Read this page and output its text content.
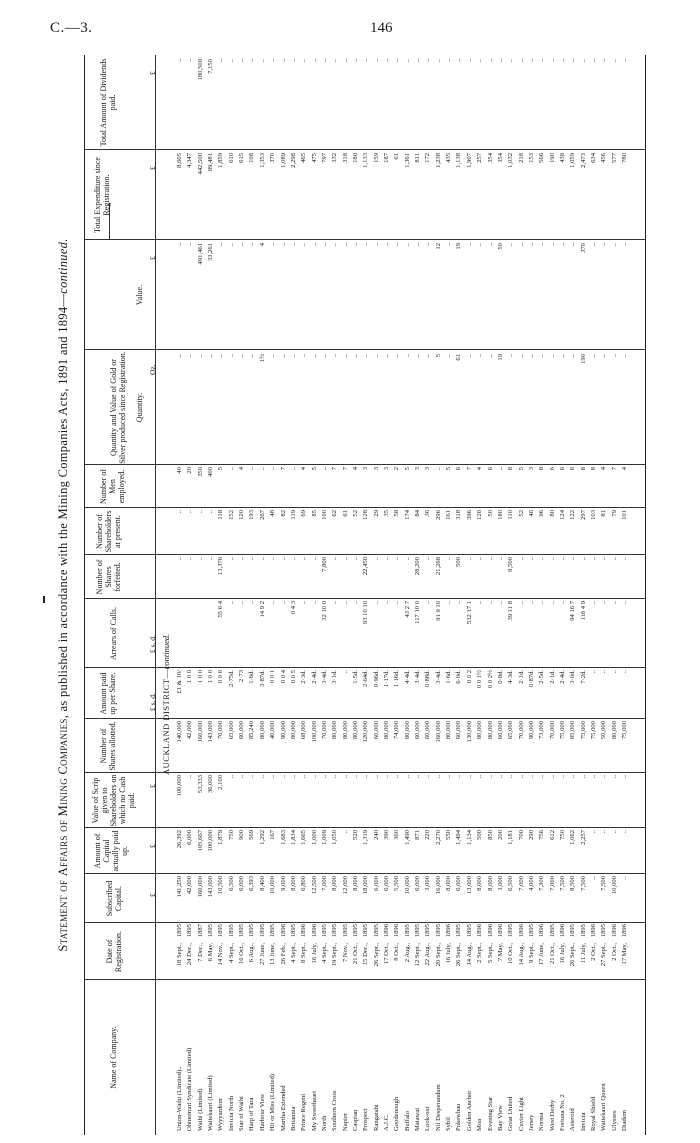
C.—3.	146
Statement of Affairs of Mining Companies, as published in accordance with the Mining Companies Acts, 1891 and 1894—continued.
Name of Company.
Date of Registration.
Subscribed Capital.
Amount of Capital actually paid up.
Value of Scrip given to Shareholders on which no Cash paid.
Number of Shares allotted.
Amount paid up per Share.
Arrears of Calls.
Number of Shares forfeited.
Number of Shareholders at present.
Number of Men employed.
Quantity and Value of Gold or Silver produced since Registration.
Total Expenditure since Registration.
Total Amount of Dividends paid.
Quantity.
Value.
£
£
£
£ s. d.
£ s. d.
Oz.
£
£
£
AUCKLAND DISTRICT—continued.
Union-Waihi (Limited)..
18 Sept.,
1895
141,250
26,392
100,000
140,000
£1 & 10/
..
..
40
..
..
8,605
..
Ohinemuri Syndicate (Limited)
24 Dec.,
1895
42,000
6,000
..
42,000
1 0 0
..
..
20
..
..
4,347
..
Waihi (Limited)
7 Dec.,
1887
160,000
105,667
53,333
160,000
1 0 0
..
..
350
..
491,461
442,500
180,500
Waitekauri (Limited)
6 May,
1895
143,000
100,000
36,000
143,000
1 0 0
..
..
400
..
33,261
89,481
7,150
Wyyyardton
14 Nov.,
1895
10,500
1,879
2,100
70,000
0 0 6
55 6 4
13,376
118
5
..
..
1,859
..
Invicta North
4 Sept.,
1895
6,500
750
..
65,000
2·75d.
..
..
152
..
..
..
610
..
Star of Waihi
16 Oct.,
1895
6,000
900
..
60,000
2·73
..
..
120
4
..
..
615
..
Harp of Tara
6 Aug.,
1895
6,393
569
..
85,240
1·6d.
..
..
193
..
..
..
108
..
Harbour View
27 June,
1895
8,400
1,292
..
80,000
3·87d.
14 9 2
..
267
..
1½
4
1,353
..
Hit or Miss (Limited)
13 June,
1895
10,000
167
..
40,000
0 0 1
..
..
48
..
..
..
370
..
Martha Extended
26 Feb.,
1896
9,000
1,683
..
90,000
0 0 4
..
..
82
7
..
..
1,089
..
Britannia
4 Sept.,
1895
8,000
1,834
..
80,000
0 0 5
0 4 3
..
119
..
..
..
2,298
..
Prince Regent
8 Sept.,
1896
6,800
1,665
..
68,000
2·3d.
..
..
69
4
..
..
465
..
My Sweetheart
16 July,
1896
12,500
1,000
..
100,000
2·4d.
..
..
85
5
..
..
475
..
North
4 Sept.,
1895
7,000
1,009
..
70,000
3·4d.
32 10 0
7,800
100
..
..
..
797
..
Southern Cross
19 Sept.,
1895
8,000
1,050
..
80,000
3·1d.
..
..
62
7
..
..
332
..
Napier
7 Nov.,
1895
12,000
..
..
80,000
..
..
..
61
7
..
..
318
..
Caspian
21 Oct.,
1895
8,000
520
..
80,000
1·5d.
..
..
52
4
..
..
180
..
Prospect
15 Dec.,
1895
18,000
1,319
..
120,000
2·64d.
93 10 10
22,450
128
3
..
..
1,133
..
Rangatahi
26 Sept.,
1895
6,000
240
..
60,000
0·96d.
..
..
29
3
..
..
159
..
A.J.C.
17 Oct.,
1896
6,000
390
..
80,000
1·17d.
..
..
35
3
..
..
187
..
Goodenough
8 Oct.,
1896
5,500
360
..
74,000
1·16d.
..
..
58
2
..
..
61
..
Buffalo
2 Aug.,
1895
10,000
1,490
..
80,000
4·4d.
43 2 7
..
174
5
..
..
1,361
..
Matawai
12 Sept.,
1895
6,000
871
..
60,000
3·4d.
117 10 0
28,200
84
3
..
..
811
..
Look-out
22 Aug.,
1895
3,000
220
..
60,000
0·88d.
..
..
36
3
..
..
172
..
Nil Desperandum
20 Sept.,
1895
16,000
2,270
..
160,000
3·4d.
91 9 10
21,268
296
..
5
12
1,238
..
Sybil
16 July,
1896
8,000
550
..
80,000
1·6d.
..
..
161
5
..
..
435
..
Pukewhau
26 Sept.,
1895
6,000
1,494
..
60,000
6·0d.
..
500
318
6
61
19
1,138
..
Golden Anchor
14 Aug.,
1895
13,000
1,134
..
130,000
0 0 2
532 17 1
..
396
7
..
..
1,907
..
Moa
2 Sept.,
1896
8,000
500
..
80,000
0 0 1½
..
..
126
4
..
..
257
..
Evening Star
5 Sept.,
1896
8,000
850
..
80,000
0 0 2½
..
..
50
6
..
..
354
..
Bay View
7 May,
1896
3,000
200
..
60,000
0·8d.
..
..
180
..
19
50
354
..
Great United
10 Oct.,
1895
6,500
1,181
..
65,000
4·3d.
39 11 8
9,500
110
8
..
..
1,032
..
Cuvier Light
14 Aug.,
1896
7,000
700
..
70,000
2·1d.
..
..
52
5
..
..
218
..
Jersey
9 Sept.,
1895
4,000
290
..
90,000
0·87d.
..
..
46
3
..
..
153
..
Norma
17 June,
1896
7,300
756
..
73,000
2·5d.
..
..
96
8
..
..
566
..
West Derby
21 Oct.,
1895
7,000
612
..
70,000
2·1d.
..
..
80
6
..
..
190
..
Fortuna No. 2
16 July,
1896
7,500
750
..
75,000
2·4d.
..
..
124
6
..
..
438
..
Asteroid
26 Sept.,
1895
8,500
1,062
..
85,000
3·0d.
94 16 7
..
122
6
..
..
1,059
..
Invicta
11 July,
1895
7,500
2,257
..
75,000
7·2d.
118 4 9
..
297
8
190
370
2,473
..
Royal Shield
2 Oct.,
1896
..
..
..
75,000
..
..
..
103
8
..
..
634
..
Waitekauri Queen
27 Sept.,
1895
7,500
..
..
50,000
..
..
..
81
4
..
..
456
..
Ulysses
2 Oct.,
1896
10,000
..
..
80,000
..
..
..
79
7
..
..
577
..
Diadem
17 May,
1896
..
..
..
75,000
..
..
..
101
4
..
..
780
..
